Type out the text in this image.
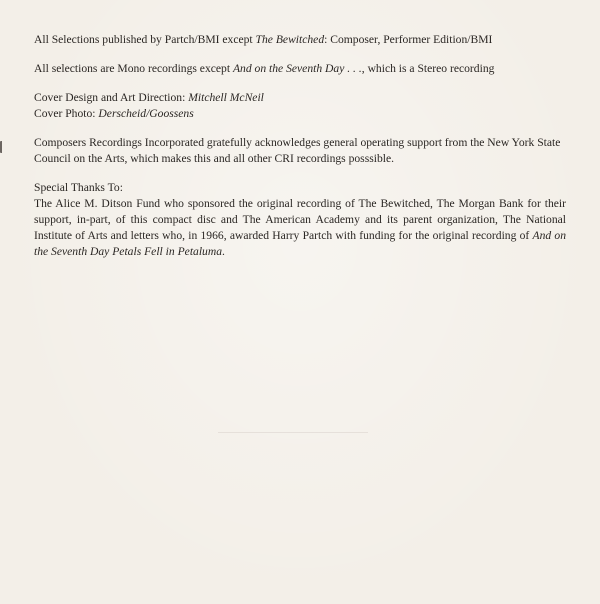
All Selections published by Partch/BMI except The Bewitched: Composer, Performer Edition/BMI

All selections are Mono recordings except And on the Seventh Day . . ., which is a Stereo recording

Cover Design and Art Direction: Mitchell McNeil

Cover Photo: Derscheid/Goossens

Composers Recordings Incorporated gratefully acknowledges general operating support from the New York State Council on the Arts, which makes this and all other CRI recordings posssible.

Special Thanks To:

The Alice M. Ditson Fund who sponsored the original recording of The Bewitched, The Morgan Bank for their support, in-part, of this compact disc and The American Academy and its parent organization, The National Institute of Arts and letters who, in 1966, awarded Harry Partch with funding for the original recording of And on the Seventh Day Petals Fell in Petaluma.
